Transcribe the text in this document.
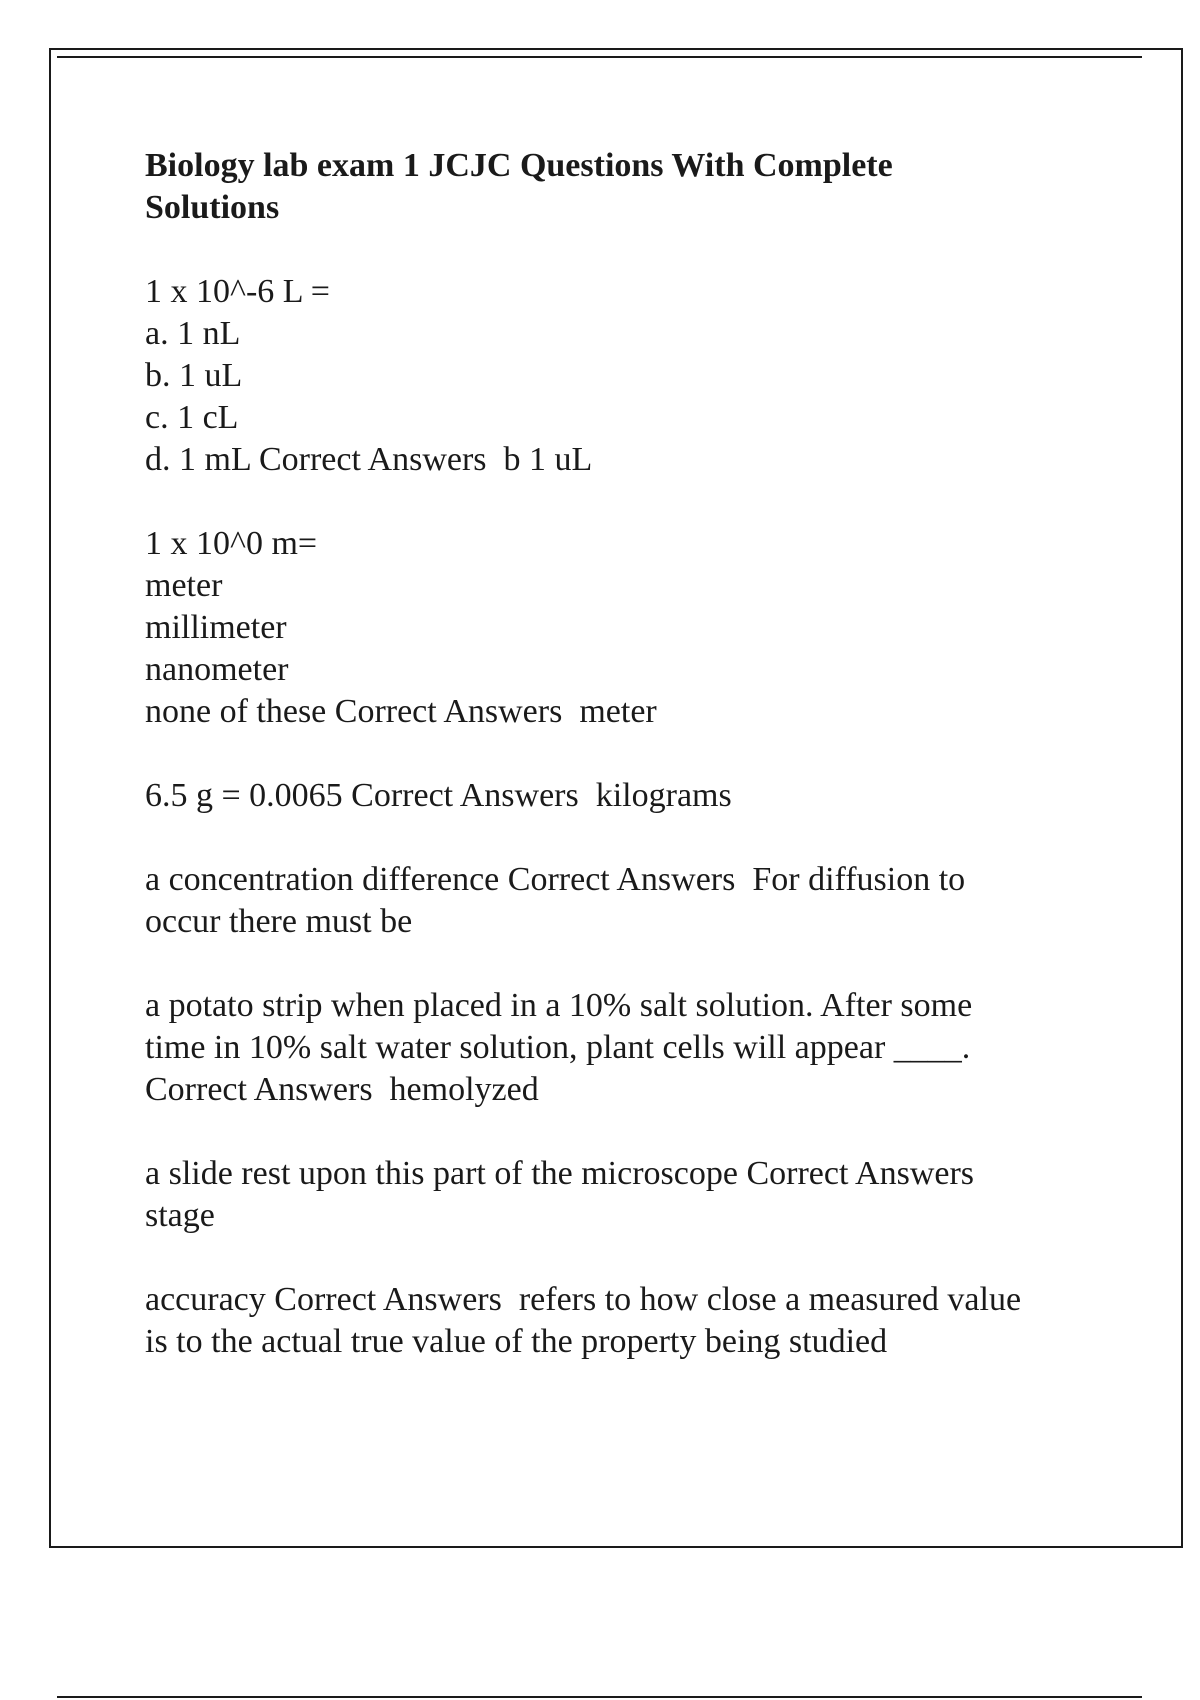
Biology lab exam 1 JCJC Questions With Complete Solutions
1 x 10^-6 L =
a. 1 nL
b. 1 uL
c. 1 cL
d. 1 mL Correct Answers  b 1 uL
1 x 10^0 m=
meter
millimeter
nanometer
none of these Correct Answers  meter
6.5 g = 0.0065 Correct Answers  kilograms
a concentration difference Correct Answers  For diffusion to
occur there must be
a potato strip when placed in a 10% salt solution. After some
time in 10% salt water solution, plant cells will appear ____.
Correct Answers  hemolyzed
a slide rest upon this part of the microscope Correct Answers
stage
accuracy Correct Answers  refers to how close a measured value
is to the actual true value of the property being studied
